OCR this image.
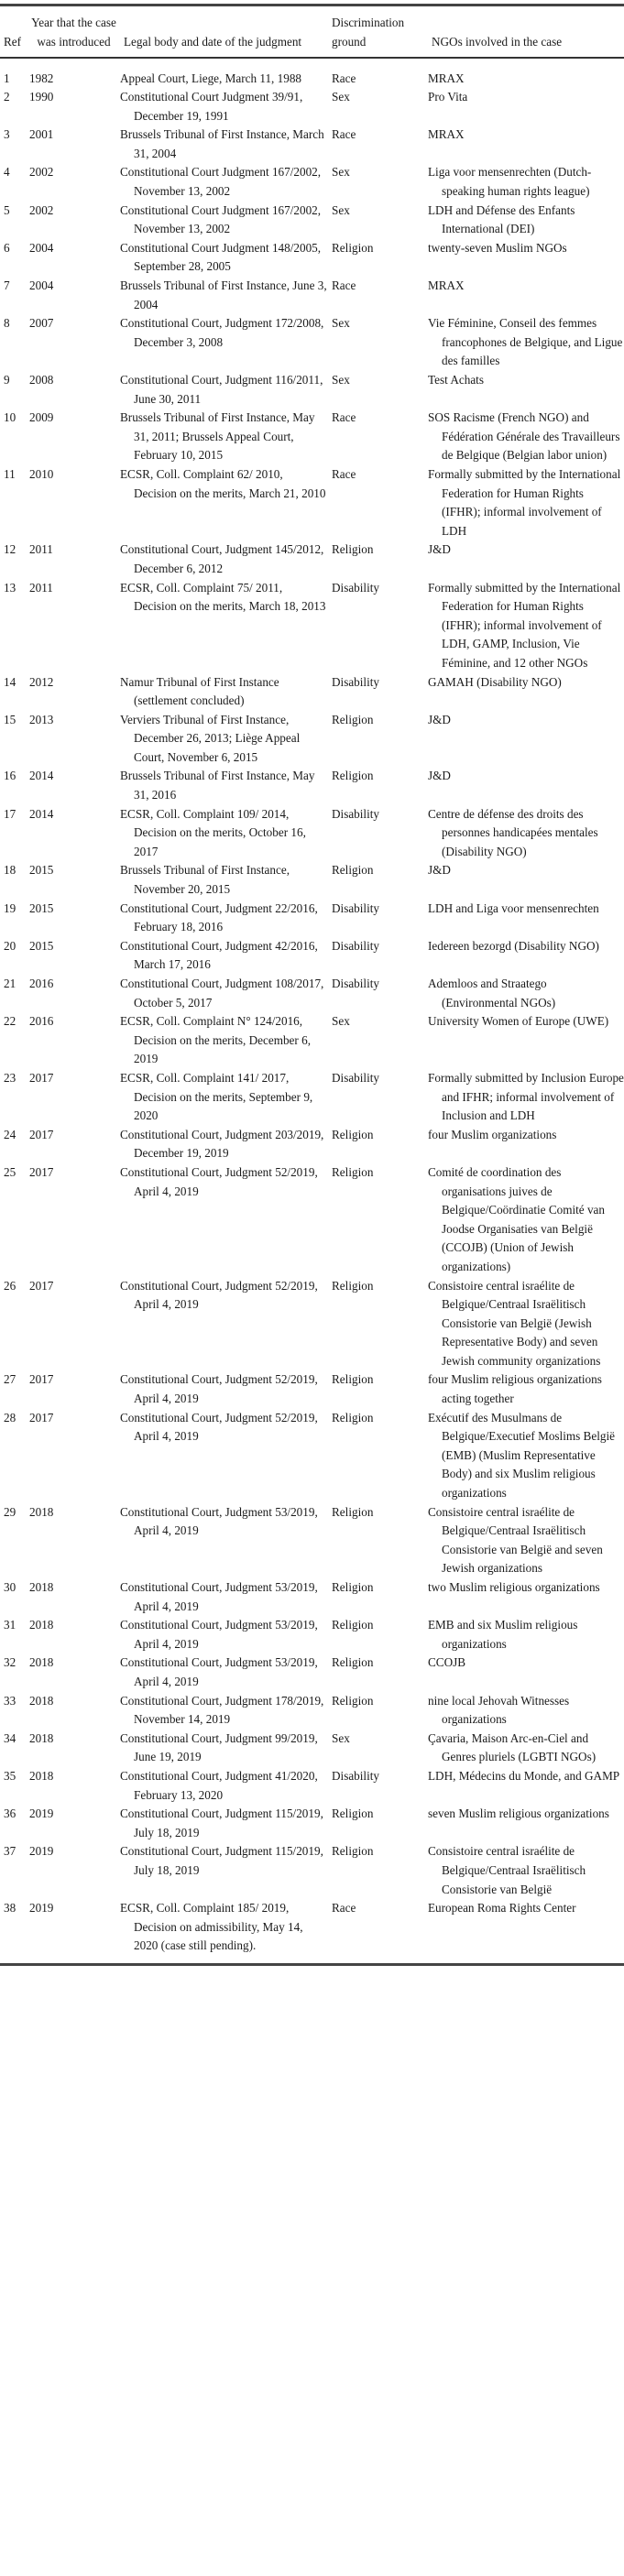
Ref	Year that the case was introduced	Legal body and date of the judgment	Discrimination ground	NGOs involved in the case

1	1982	Appeal Court, Liege, March 11, 1988	Race	MRAX
2	1990	Constitutional Court Judgment 39/91, December 19, 1991	Sex	Pro Vita
3	2001	Brussels Tribunal of First Instance, March 31, 2004	Race	MRAX
4	2002	Constitutional Court Judgment 167/2002, November 13, 2002	Sex	Liga voor mensenrechten (Dutch-speaking human rights league)
5	2002	Constitutional Court Judgment 167/2002, November 13, 2002	Sex	LDH and Défense des Enfants International (DEI)
6	2004	Constitutional Court Judgment 148/2005, September 28, 2005	Religion	twenty-seven Muslim NGOs
7	2004	Brussels Tribunal of First Instance, June 3, 2004	Race	MRAX
8	2007	Constitutional Court, Judgment 172/2008, December 3, 2008	Sex	Vie Féminine, Conseil des femmes francophones de Belgique, and Ligue des familles
9	2008	Constitutional Court, Judgment 116/2011, June 30, 2011	Sex	Test Achats
10	2009	Brussels Tribunal of First Instance, May 31, 2011; Brussels Appeal Court, February 10, 2015	Race	SOS Racisme (French NGO) and Fédération Générale des Travailleurs de Belgique (Belgian labor union)
11	2010	ECSR, Coll. Complaint 62/ 2010, Decision on the merits, March 21, 2010	Race	Formally submitted by the International Federation for Human Rights (IFHR); informal involvement of LDH
12	2011	Constitutional Court, Judgment 145/2012, December 6, 2012	Religion	J&D
13	2011	ECSR, Coll. Complaint 75/ 2011, Decision on the merits, March 18, 2013	Disability	Formally submitted by the International Federation for Human Rights (IFHR); informal involvement of LDH, GAMP, Inclusion, Vie Féminine, and 12 other NGOs
14	2012	Namur Tribunal of First Instance (settlement concluded)	Disability	GAMAH (Disability NGO)
15	2013	Verviers Tribunal of First Instance, December 26, 2013; Liège Appeal Court, November 6, 2015	Religion	J&D
16	2014	Brussels Tribunal of First Instance, May 31, 2016	Religion	J&D
17	2014	ECSR, Coll. Complaint 109/ 2014, Decision on the merits, October 16, 2017	Disability	Centre de défense des droits des personnes handicapées mentales (Disability NGO)
18	2015	Brussels Tribunal of First Instance, November 20, 2015	Religion	J&D
19	2015	Constitutional Court, Judgment 22/2016, February 18, 2016	Disability	LDH and Liga voor mensenrechten
20	2015	Constitutional Court, Judgment 42/2016, March 17, 2016	Disability	Iedereen bezorgd (Disability NGO)
21	2016	Constitutional Court, Judgment 108/2017, October 5, 2017	Disability	Ademloos and Straatego (Environmental NGOs)
22	2016	ECSR, Coll. Complaint N° 124/2016, Decision on the merits, December 6, 2019	Sex	University Women of Europe (UWE)
23	2017	ECSR, Coll. Complaint 141/ 2017, Decision on the merits, September 9, 2020	Disability	Formally submitted by Inclusion Europe and IFHR; informal involvement of Inclusion and LDH
24	2017	Constitutional Court, Judgment 203/2019, December 19, 2019	Religion	four Muslim organizations
25	2017	Constitutional Court, Judgment 52/2019, April 4, 2019	Religion	Comité de coordination des organisations juives de Belgique/Coördinatie Comité van Joodse Organisaties van België (CCOJB) (Union of Jewish organizations)
26	2017	Constitutional Court, Judgment 52/2019, April 4, 2019	Religion	Consistoire central israélite de Belgique/Centraal Israëlitisch Consistorie van België (Jewish Representative Body) and seven Jewish community organizations
27	2017	Constitutional Court, Judgment 52/2019, April 4, 2019	Religion	four Muslim religious organizations acting together
28	2017	Constitutional Court, Judgment 52/2019, April 4, 2019	Religion	Exécutif des Musulmans de Belgique/Executief Moslims België (EMB) (Muslim Representative Body) and six Muslim religious organizations
29	2018	Constitutional Court, Judgment 53/2019, April 4, 2019	Religion	Consistoire central israélite de Belgique/Centraal Israëlitisch Consistorie van België and seven Jewish organizations
30	2018	Constitutional Court, Judgment 53/2019, April 4, 2019	Religion	two Muslim religious organizations
31	2018	Constitutional Court, Judgment 53/2019, April 4, 2019	Religion	EMB and six Muslim religious organizations
32	2018	Constitutional Court, Judgment 53/2019, April 4, 2019	Religion	CCOJB
33	2018	Constitutional Court, Judgment 178/2019, November 14, 2019	Religion	nine local Jehovah Witnesses organizations
34	2018	Constitutional Court, Judgment 99/2019, June 19, 2019	Sex	Çavaria, Maison Arc-en-Ciel and Genres pluriels (LGBTI NGOs)
35	2018	Constitutional Court, Judgment 41/2020, February 13, 2020	Disability	LDH, Médecins du Monde, and GAMP
36	2019	Constitutional Court, Judgment 115/2019, July 18, 2019	Religion	seven Muslim religious organizations
37	2019	Constitutional Court, Judgment 115/2019, July 18, 2019	Religion	Consistoire central israélite de Belgique/Centraal Israëlitisch Consistorie van België
38	2019	ECSR, Coll. Complaint 185/ 2019, Decision on admissibility, May 14, 2020 (case still pending).	Race	European Roma Rights Center
